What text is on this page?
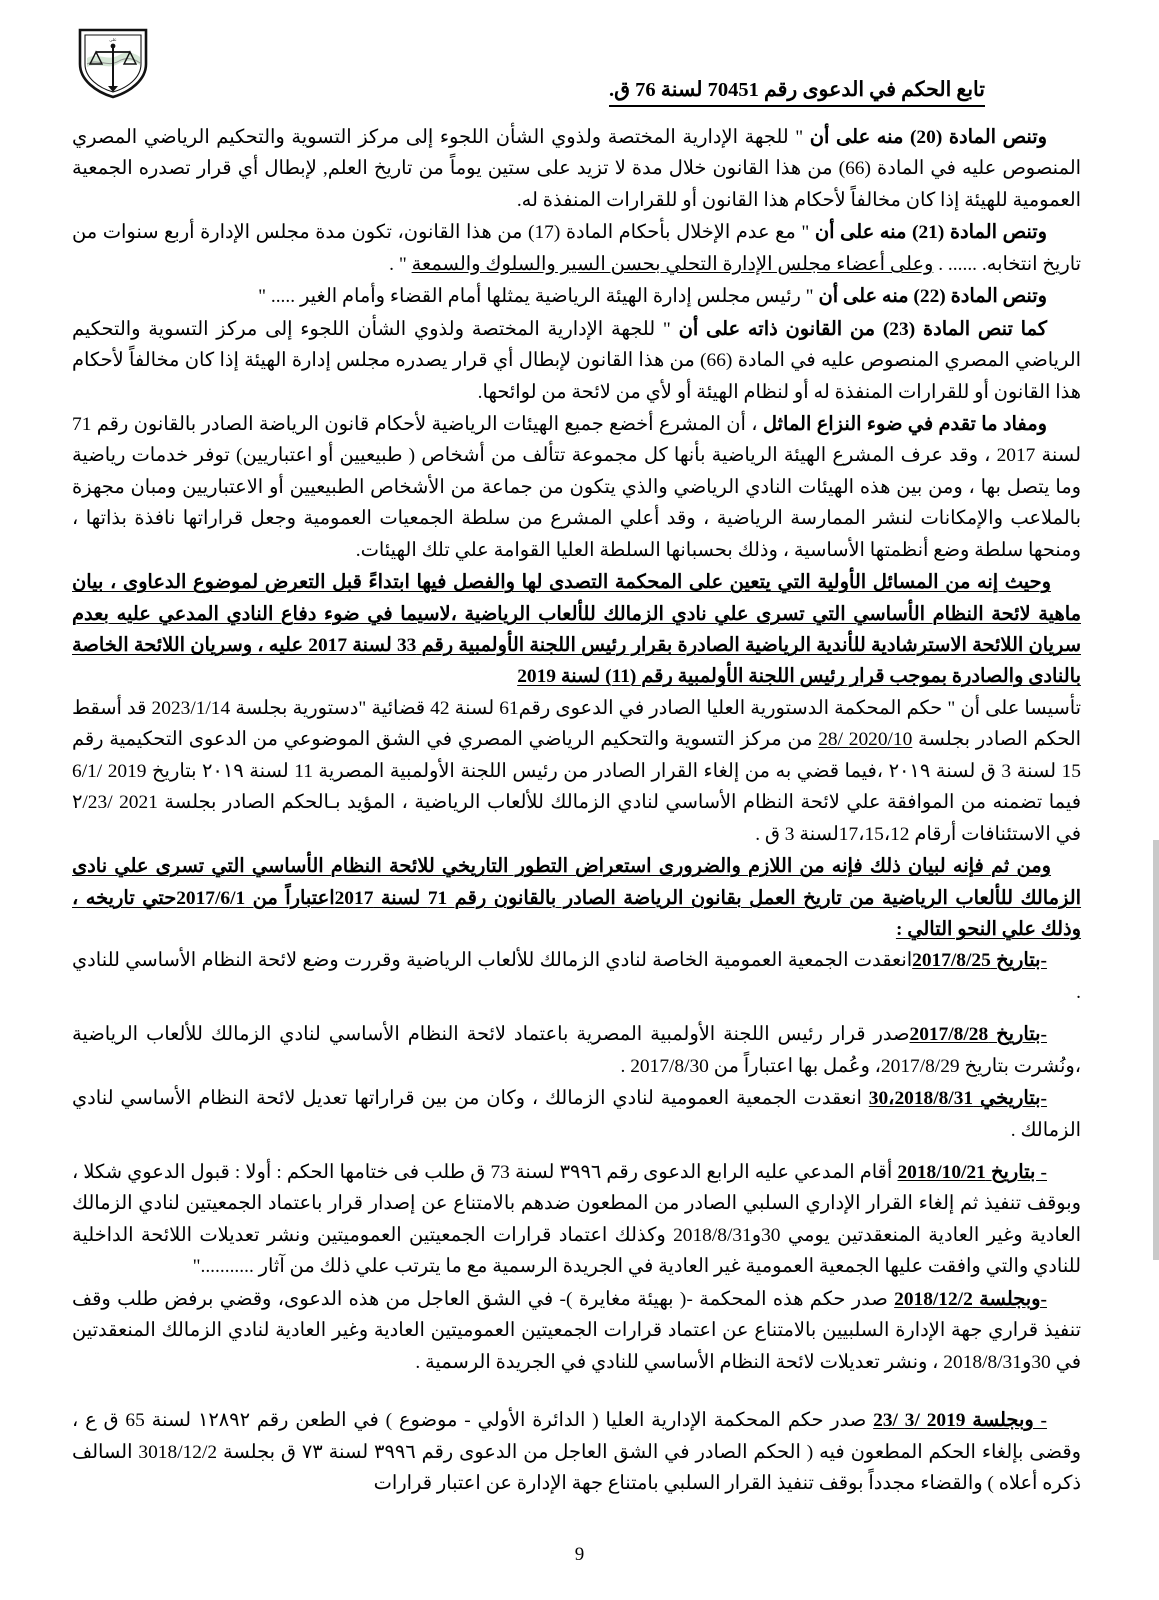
على
تابع الحكم في الدعوى رقم 70451 لسنة 76 ق.

وتنص المادة (20) منه على أن " للجهة الإدارية المختصة ولذوي الشأن اللجوء إلى مركز التسوية والتحكيم الرياضي المصري المنصوص عليه في المادة (66) من هذا القانون خلال مدة لا تزيد على ستين يوماً من تاريخ العلم, لإبطال أي قرار تصدره الجمعية العمومية للهيئة إذا كان مخالفاً لأحكام هذا القانون أو للقرارات المنفذة له.

وتنص المادة (21) منه على أن " مع عدم الإخلال بأحكام المادة (17) من هذا القانون، تكون مدة مجلس الإدارة أربع سنوات من تاريخ انتخابه. ...... . وعلى أعضاء مجلس الإدارة التحلي بحسن السير والسلوك والسمعة " .

وتنص المادة (22) منه على أن " رئيس مجلس إدارة الهيئة الرياضية يمثلها أمام القضاء وأمام الغير ..... "

كما تنص المادة (23) من القانون ذاته على أن " للجهة الإدارية المختصة ولذوي الشأن اللجوء إلى مركز التسوية والتحكيم الرياضي المصري المنصوص عليه في المادة (66) من هذا القانون لإبطال أي قرار يصدره مجلس إدارة الهيئة إذا كان مخالفاً لأحكام هذا القانون أو للقرارات المنفذة له أو لنظام الهيئة أو لأي من لائحة من لوائحها.

ومفاد ما تقدم في ضوء النزاع الماثل ، أن المشرع أخضع جميع الهيئات الرياضية لأحكام قانون الرياضة الصادر بالقانون رقم 71 لسنة 2017 ، وقد عرف المشرع الهيئة الرياضية بأنها كل مجموعة تتألف من أشخاص ( طبيعيين أو اعتباريين) توفر خدمات رياضية وما يتصل بها ، ومن بين هذه الهيئات النادي الرياضي والذي يتكون من جماعة من الأشخاص الطبيعيين أو الاعتباريين ومبان مجهزة بالملاعب والإمكانات لنشر الممارسة الرياضية ، وقد أعلي المشرع من سلطة الجمعيات العمومية وجعل قراراتها نافذة بذاتها ، ومنحها سلطة وضع أنظمتها الأساسية ، وذلك بحسبانها السلطة العليا القوامة علي تلك الهيئات.

وحيث إنه من المسائل الأولية التي يتعين على المحكمة التصدى لها والفصل فيها ابتداءً قبل التعرض لموضوع الدعاوى ، بيان ماهية لائحة النظام الأساسي التي تسرى علي نادي الزمالك للألعاب الرياضية ،لاسيما في ضوء دفاع النادي المدعي عليه بعدم سريان اللائحة الاسترشادية للأندية الرياضية الصادرة بقرار رئيس اللجنة الأولمبية رقم 33 لسنة 2017 عليه ، وسريان اللائحة الخاصة بالنادى والصادرة بموجب قرار رئيس اللجنة الأولمبية رقم (11) لسنة 2019

تأسيسا على أن " حكم المحكمة الدستورية العليا الصادر في الدعوى رقم61 لسنة 42 قضائية "دستورية بجلسة 2023/1/14 قد أسقط الحكم الصادر بجلسة 2020/10 /28 من مركز التسوية والتحكيم الرياضي المصري في الشق الموضوعي من الدعوى التحكيمية رقم 15 لسنة 3 ق لسنة ٢٠١٩ ،فيما قضي به من إلغاء القرار الصادر من رئيس اللجنة الأولمبية المصرية 11 لسنة ٢٠١٩ بتاريخ 2019 /6/1 فيما تضمنه من الموافقة علي لائحة النظام الأساسي لنادي الزمالك للألعاب الرياضية ، المؤيد بـالحكم الصادر بجلسة 2021 /٢/23 في الاستئنافات أرقام 17،15،12لسنة 3 ق .

ومن ثم فإنه لبيان ذلك فإنه من اللازم والضرورى استعراض التطور التاريخي للائحة النظام الأساسي التي تسرى علي نادى الزمالك للألعاب الرياضية من تاريخ العمل بقانون الرياضة الصادر بالقانون رقم 71 لسنة 2017اعتباراً من 2017/6/1حتي تاريخه ، وذلك علي النحو التالي :

-بتاريخ 2017/8/25انعقدت الجمعية العمومية الخاصة لنادي الزمالك للألعاب الرياضية وقررت وضع لائحة النظام الأساسي للنادي .

-بتاريخ 2017/8/28صدر قرار رئيس اللجنة الأولمبية المصرية باعتماد لائحة النظام الأساسي لنادي الزمالك للألعاب الرياضية ،ونُشرت بتاريخ 2017/8/29، وعُمل بها اعتباراً من 2017/8/30 .

-بتاريخي 30،2018/8/31 انعقدت الجمعية العمومية لنادي الزمالك ، وكان من بين قراراتها تعديل لائحة النظام الأساسي لنادي الزمالك .

- بتاريخ 2018/10/21 أقام المدعي عليه الرابع الدعوى رقم ٣٩٩٦ لسنة 73 ق طلب فى ختامها الحكم : أولا : قبول الدعوي شكلا ، وبوقف تنفيذ ثم إلغاء القرار الإداري السلبي الصادر من المطعون ضدهم بالامتناع عن إصدار قرار باعتماد الجمعيتين لنادي الزمالك العادية وغير العادية المنعقدتين يومي 30و2018/8/31 وكذلك اعتماد قرارات الجمعيتين العموميتين ونشر تعديلات اللائحة الداخلية للنادي والتي وافقت عليها الجمعية العمومية غير العادية في الجريدة الرسمية مع ما يترتب علي ذلك من آثار ..........."

-وبجلسة 2018/12/2 صدر حكم هذه المحكمة -( بهيئة مغايرة )- في الشق العاجل من هذه الدعوى، وقضي برفض طلب وقف تنفيذ قراري جهة الإدارة السلبيين بالامتناع عن اعتماد قرارات الجمعيتين العموميتين العادية وغير العادية لنادي الزمالك المنعقدتين في 30و2018/8/31 ، ونشر تعديلات لائحة النظام الأساسي للنادي في الجريدة الرسمية .

- وبجلسة 2019 /3 /23 صدر حكم المحكمة الإدارية العليا ( الدائرة الأولي - موضوع ) في الطعن رقم ١٢٨٩٢ لسنة 65 ق ع ، وقضى بإلغاء الحكم المطعون فيه ( الحكم الصادر في الشق العاجل من الدعوى رقم ٣٩٩٦ لسنة ٧٣ ق بجلسة 3018/12/2 السالف ذكره أعلاه ) والقضاء مجدداً بوقف تنفيذ القرار السلبي بامتناع جهة الإدارة عن اعتبار قرارات

9
